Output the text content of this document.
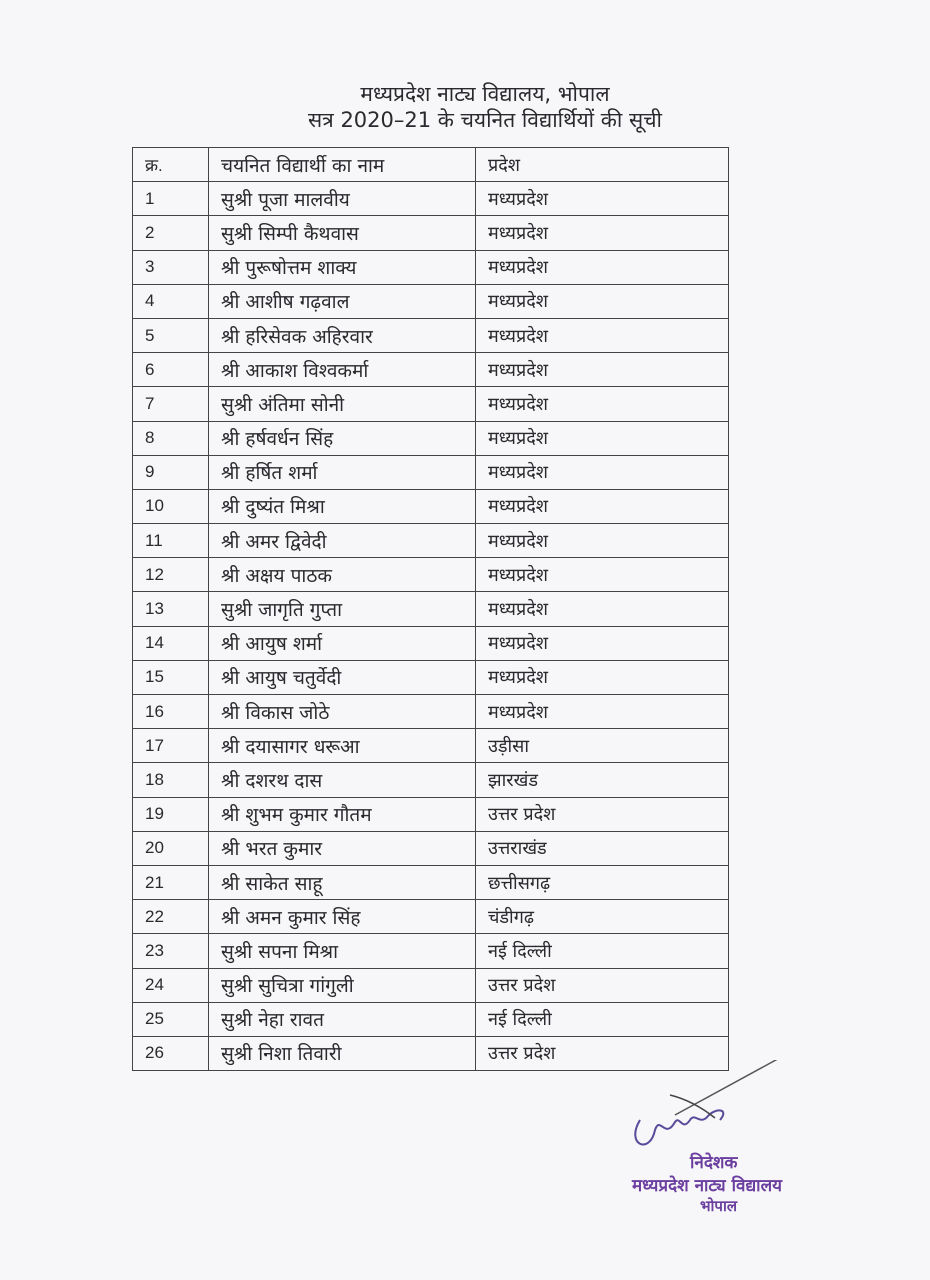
मध्यप्रदेश नाट्य विद्यालय, भोपाल
सत्र 2020–21 के चयनित विद्यार्थियों की सूची
क्र.	चयनित विद्यार्थी का नाम	प्रदेश
1	सुश्री पूजा मालवीय	मध्यप्रदेश
2	सुश्री सिम्पी कैथवास	मध्यप्रदेश
3	श्री पुरूषोत्तम शाक्य	मध्यप्रदेश
4	श्री आशीष गढ़वाल	मध्यप्रदेश
5	श्री हरिसेवक अहिरवार	मध्यप्रदेश
6	श्री आकाश विश्वकर्मा	मध्यप्रदेश
7	सुश्री अंतिमा सोनी	मध्यप्रदेश
8	श्री हर्षवर्धन सिंह	मध्यप्रदेश
9	श्री हर्षित शर्मा	मध्यप्रदेश
10	श्री दुष्यंत मिश्रा	मध्यप्रदेश
11	श्री अमर द्विवेदी	मध्यप्रदेश
12	श्री अक्षय पाठक	मध्यप्रदेश
13	सुश्री जागृति गुप्ता	मध्यप्रदेश
14	श्री आयुष शर्मा	मध्यप्रदेश
15	श्री आयुष चतुर्वेदी	मध्यप्रदेश
16	श्री विकास जोठे	मध्यप्रदेश
17	श्री दयासागर धरूआ	उड़ीसा
18	श्री दशरथ दास	झारखंड
19	श्री शुभम कुमार गौतम	उत्तर प्रदेश
20	श्री भरत कुमार	उत्तराखंड
21	श्री साकेत साहू	छत्तीसगढ़
22	श्री अमन कुमार सिंह	चंडीगढ़
23	सुश्री सपना मिश्रा	नई दिल्ली
24	सुश्री सुचित्रा गांगुली	उत्तर प्रदेश
25	सुश्री नेहा रावत	नई दिल्ली
26	सुश्री निशा तिवारी	उत्तर प्रदेश
निदेशक
मध्यप्रदेश नाट्य विद्यालय
भोपाल
